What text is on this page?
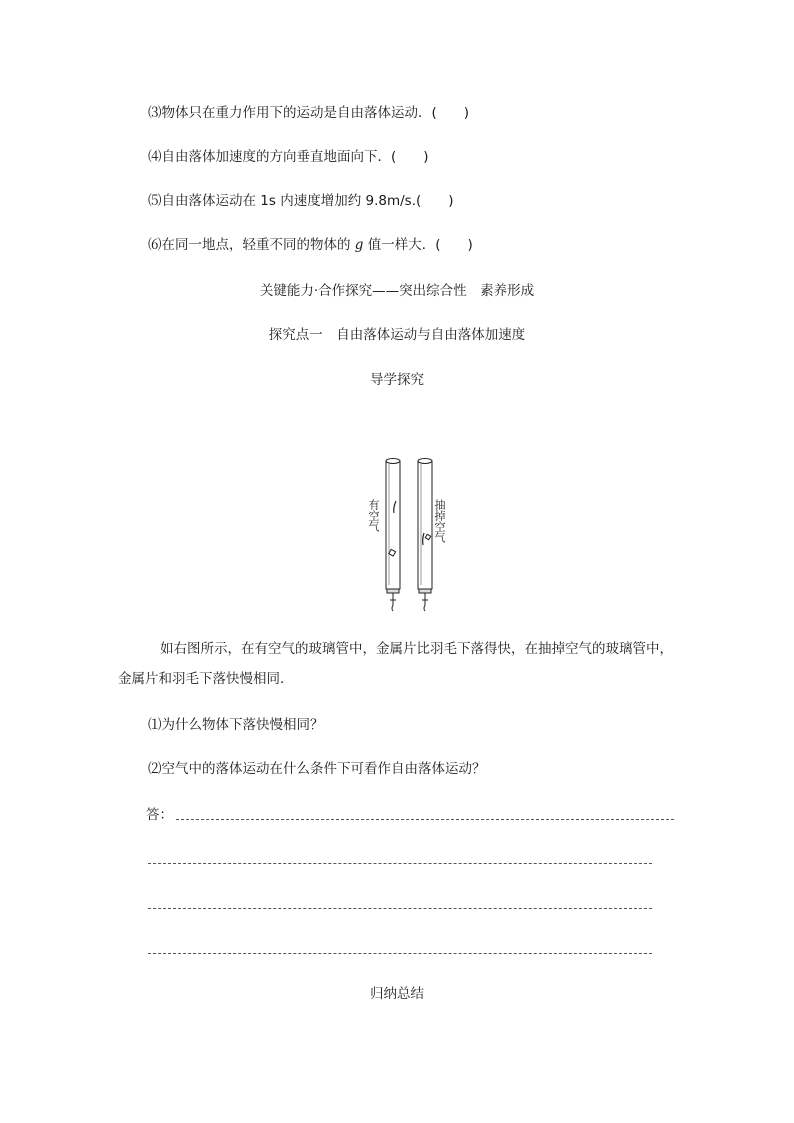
⑶物体只在重力作用下的运动是自由落体运动．(　　)
⑷自由落体加速度的方向垂直地面向下．(　　)
⑸自由落体运动在 1s 内速度增加约 9.8m/s.(　　)
⑹在同一地点，轻重不同的物体的 g 值一样大．(　　)
关键能力·合作探究——突出综合性　素养形成
探究点一　自由落体运动与自由落体加速度
导学探究
有空气	抽掉空气
如右图所示，在有空气的玻璃管中，金属片比羽毛下落得快，在抽掉空气的玻璃管中，金属片和羽毛下落快慢相同．
⑴为什么物体下落快慢相同？
⑵空气中的落体运动在什么条件下可看作自由落体运动？
答：
归纳总结
